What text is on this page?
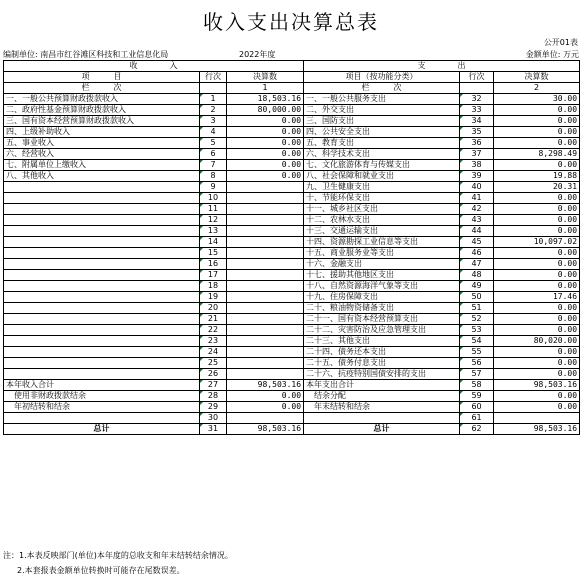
收入支出决算总表
公开01表
编制单位: 南昌市红谷滩区科技和工业信息化局	2022年度	金额单位: 万元
收　　　　入			支　　　　出		
项　　　目	行次	决算数	项目（按功能分类）	行次	决算数
栏　　　次		1	栏　　　次		2
一、一般公共预算财政拨款收入	1	18,503.16	一、一般公共服务支出	32	30.00
二、政府性基金预算财政拨款收入	2	80,000.00	二、外交支出	33	0.00
三、国有资本经营预算财政拨款收入	3	0.00	三、国防支出	34	0.00
四、上级补助收入	4	0.00	四、公共安全支出	35	0.00
五、事业收入	5	0.00	五、教育支出	36	0.00
六、经营收入	6	0.00	六、科学技术支出	37	8,298.49
七、附属单位上缴收入	7	0.00	七、文化旅游体育与传媒支出	38	0.00
八、其他收入	8	0.00	八、社会保障和就业支出	39	19.88
	9		九、卫生健康支出	40	20.31
	10		十、节能环保支出	41	0.00
	11		十一、城乡社区支出	42	0.00
	12		十二、农林水支出	43	0.00
	13		十三、交通运输支出	44	0.00
	14		十四、资源勘探工业信息等支出	45	10,097.02
	15		十五、商业服务业等支出	46	0.00
	16		十六、金融支出	47	0.00
	17		十七、援助其他地区支出	48	0.00
	18		十八、自然资源海洋气象等支出	49	0.00
	19		十九、住房保障支出	50	17.46
	20		二十、粮油物资储备支出	51	0.00
	21		二十一、国有资本经营预算支出	52	0.00
	22		二十二、灾害防治及应急管理支出	53	0.00
	23		二十三、其他支出	54	80,020.00
	24		二十四、债务还本支出	55	0.00
	25		二十五、债务付息支出	56	0.00
	26		二十六、抗疫特别国债安排的支出	57	0.00
本年收入合计	27	98,503.16	本年支出合计	58	98,503.16
　使用非财政拨款结余	28	0.00	　结余分配	59	0.00
　年初结转和结余	29	0.00	　年末结转和结余	60	0.00
	30			61	
总计	31	98,503.16	总计	62	98,503.16
注：1.本表反映部门(单位)本年度的总收支和年末结转结余情况。
2.本套报表金额单位转换时可能存在尾数误差。
